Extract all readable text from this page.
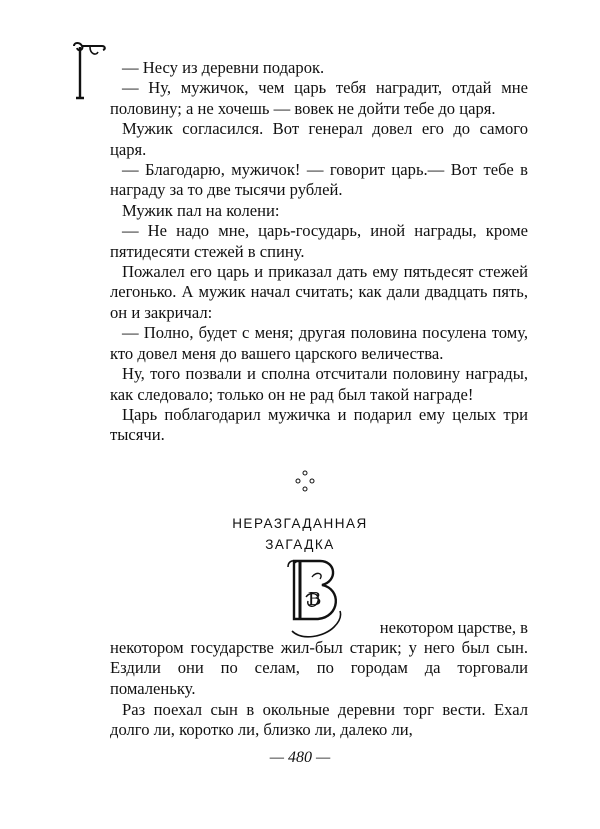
— Несу из деревни подарок.

— Ну, мужичок, чем царь тебя наградит, отдай мне половину; а не хочешь — вовек не дойти тебе до царя.

Мужик согласился. Вот генерал довел его до самого царя.

— Благодарю, мужичок! — говорит царь.— Вот тебе в награду за то две тысячи рублей.

Мужик пал на колени:

— Не надо мне, царь-государь, иной награды, кроме пятидесяти стежей в спину.

Пожалел его царь и приказал дать ему пятьдесят стежей легонько. А мужик начал считать; как дали двадцать пять, он и закричал:

— Полно, будет с меня; другая половина посулена тому, кто довел меня до вашего царского величества.

Ну, того позвали и сполна отсчитали половину награды, как следовало; только он не рад был такой награде!

Царь поблагодарил мужичка и подарил ему целых три тысячи.

НЕРАЗГАДАННАЯ
ЗАГАДКА
В
некотором царстве, в

некотором государстве жил-был старик; у него был сын. Ездили они по селам, по городам да торговали помаленьку.

Раз поехал сын в окольные деревни торг вести. Ехал долго ли, коротко ли, близко ли, далеко ли,

— 480 —
